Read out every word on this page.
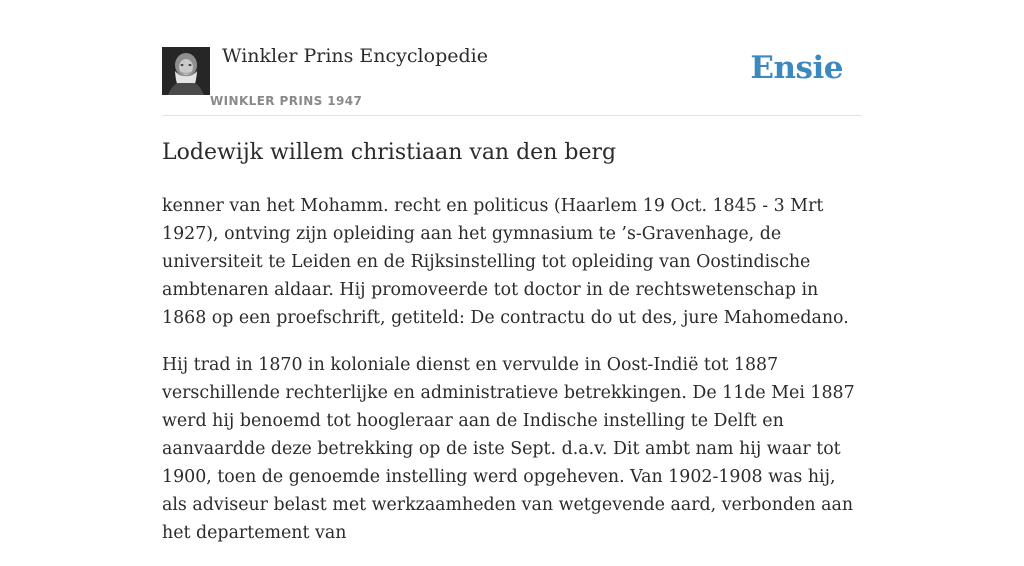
Winkler Prins Encyclopedie
WINKLER PRINS 1947
Ensie
Lodewijk willem christiaan van den berg

kenner van het Mohamm. recht en politicus (Haarlem 19 Oct. 1845 - 3 Mrt 1927), ontving zijn opleiding aan het gymnasium te ’s-Gravenhage, de universiteit te Leiden en de Rijksinstelling tot opleiding van Oostindische ambtenaren aldaar. Hij promoveerde tot doctor in de rechtswetenschap in 1868 op een proefschrift, getiteld: De contractu do ut des, jure Mahomedano.

Hij trad in 1870 in koloniale dienst en vervulde in Oost-Indië tot 1887 verschillende rechterlijke en administratieve betrekkingen. De 11de Mei 1887 werd hij benoemd tot hoogleraar aan de Indische instelling te Delft en aanvaardde deze betrekking op de iste Sept. d.a.v. Dit ambt nam hij waar tot 1900, toen de genoemde instelling werd opgeheven. Van 1902-1908 was hij, als adviseur belast met werkzaamheden van wetgevende aard, verbonden aan het departement van
